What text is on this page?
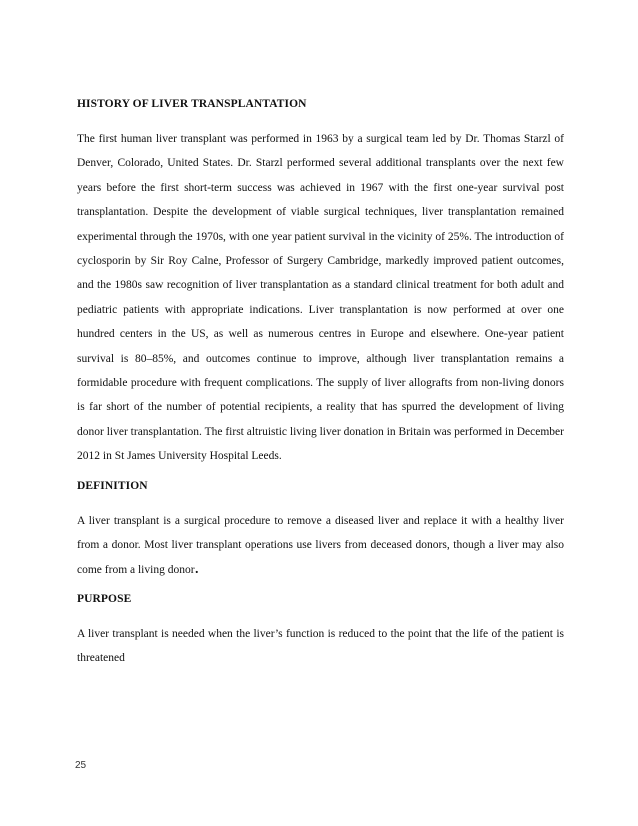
HISTORY OF LIVER TRANSPLANTATION

The first human liver transplant was performed in 1963 by a surgical team led by Dr. Thomas Starzl of Denver, Colorado, United States. Dr. Starzl performed several additional transplants over the next few years before the first short-term success was achieved in 1967 with the first one-year survival post transplantation. Despite the development of viable surgical techniques, liver transplantation remained experimental through the 1970s, with one year patient survival in the vicinity of 25%. The introduction of cyclosporin by Sir Roy Calne, Professor of Surgery Cambridge, markedly improved patient outcomes, and the 1980s saw recognition of liver transplantation as a standard clinical treatment for both adult and pediatric patients with appropriate indications. Liver transplantation is now performed at over one hundred centers in the US, as well as numerous centres in Europe and elsewhere. One-year patient survival is 80–85%, and outcomes continue to improve, although liver transplantation remains a formidable procedure with frequent complications. The supply of liver allografts from non-living donors is far short of the number of potential recipients, a reality that has spurred the development of living donor liver transplantation. The first altruistic living liver donation in Britain was performed in December 2012 in St James University Hospital Leeds.

DEFINITION

A liver transplant is a surgical procedure to remove a diseased liver and replace it with a healthy liver from a donor. Most liver transplant operations use livers from deceased donors, though a liver may also come from a living donor.

PURPOSE

A liver transplant is needed when the liver’s function is reduced to the point that the life of the patient is threatened

25
